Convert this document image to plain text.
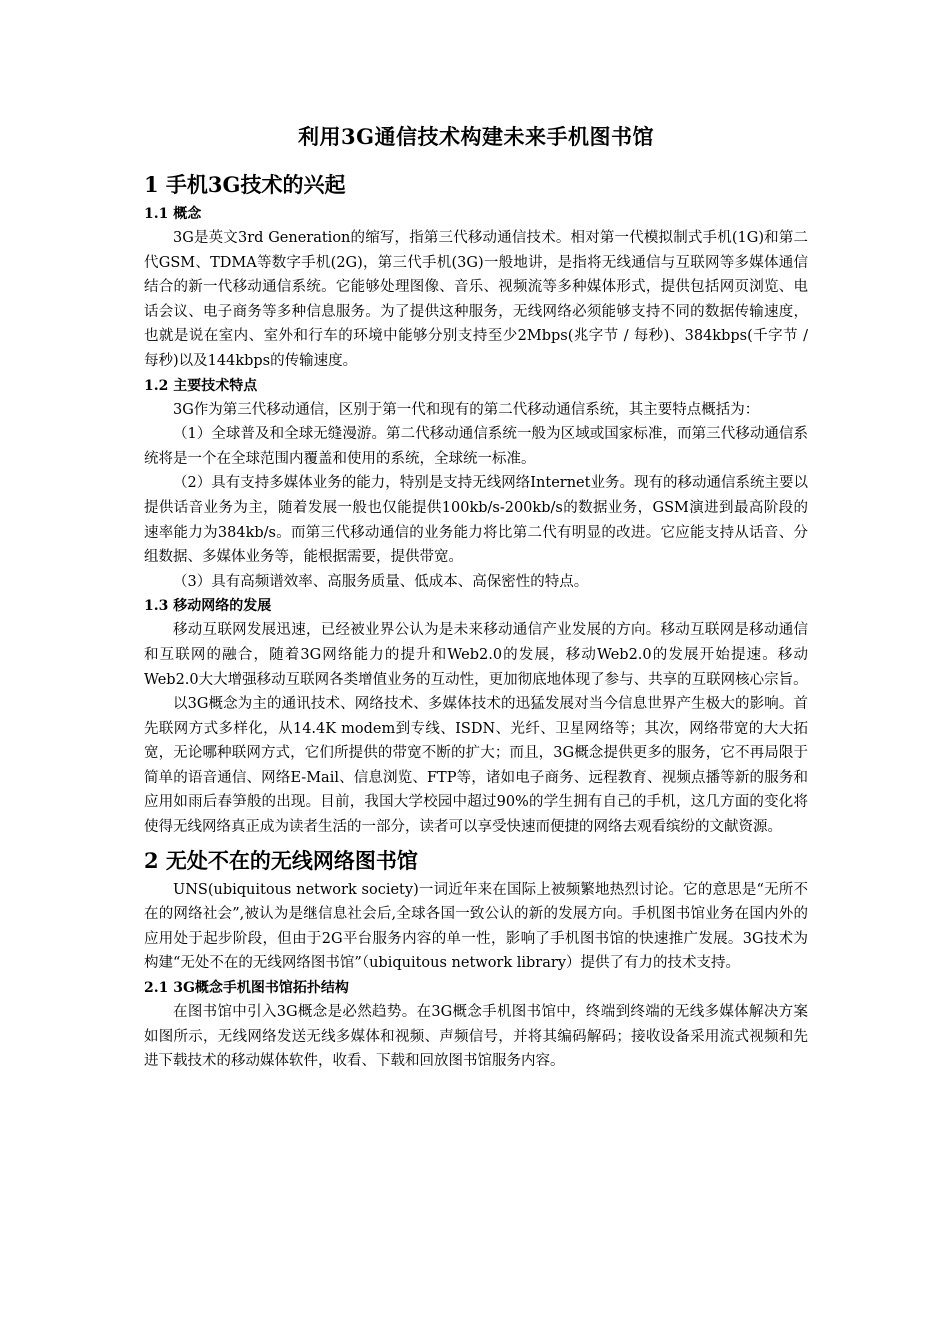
利用3G通信技术构建未来手机图书馆
1 手机3G技术的兴起
1.1 概念

3G是英文3rd Generation的缩写，指第三代移动通信技术。相对第一代模拟制式手机(1G)和第二代GSM、TDMA等数字手机(2G)，第三代手机(3G)一般地讲，是指将无线通信与互联网等多媒体通信结合的新一代移动通信系统。它能够处理图像、音乐、视频流等多种媒体形式，提供包括网页浏览、电话会议、电子商务等多种信息服务。为了提供这种服务，无线网络必须能够支持不同的数据传输速度，也就是说在室内、室外和行车的环境中能够分别支持至少2Mbps(兆字节 / 每秒)、384kbps(千字节 / 每秒)以及144kbps的传输速度。

1.2 主要技术特点

3G作为第三代移动通信，区别于第一代和现有的第二代移动通信系统，其主要特点概括为：

（1）全球普及和全球无缝漫游。第二代移动通信系统一般为区域或国家标准，而第三代移动通信系统将是一个在全球范围内覆盖和使用的系统，全球统一标准。

（2）具有支持多媒体业务的能力，特别是支持无线网络Internet业务。现有的移动通信系统主要以提供话音业务为主，随着发展一般也仅能提供100kb/s-200kb/s的数据业务，GSM演进到最高阶段的速率能力为384kb/s。而第三代移动通信的业务能力将比第二代有明显的改进。它应能支持从话音、分组数据、多媒体业务等，能根据需要，提供带宽。

（3）具有高频谱效率、高服务质量、低成本、高保密性的特点。

1.3 移动网络的发展

移动互联网发展迅速，已经被业界公认为是未来移动通信产业发展的方向。移动互联网是移动通信和互联网的融合，随着3G网络能力的提升和Web2.0的发展，移动Web2.0的发展开始提速。移动Web2.0大大增强移动互联网各类增值业务的互动性，更加彻底地体现了参与、共享的互联网核心宗旨。

以3G概念为主的通讯技术、网络技术、多媒体技术的迅猛发展对当今信息世界产生极大的影响。首先联网方式多样化，从14.4K modem到专线、ISDN、光纤、卫星网络等；其次，网络带宽的大大拓宽，无论哪种联网方式，它们所提供的带宽不断的扩大；而且，3G概念提供更多的服务，它不再局限于简单的语音通信、网络E-Mail、信息浏览、FTP等，诸如电子商务、远程教育、视频点播等新的服务和应用如雨后春笋般的出现。目前，我国大学校园中超过90%的学生拥有自己的手机，这几方面的变化将使得无线网络真正成为读者生活的一部分，读者可以享受快速而便捷的网络去观看缤纷的文献资源。

2 无处不在的无线网络图书馆

UNS(ubiquitous network society)一词近年来在国际上被频繁地热烈讨论。它的意思是“无所不在的网络社会”,被认为是继信息社会后,全球各国一致公认的新的发展方向。手机图书馆业务在国内外的应用处于起步阶段，但由于2G平台服务内容的单一性，影响了手机图书馆的快速推广发展。3G技术为构建“无处不在的无线网络图书馆”（ubiquitous network library）提供了有力的技术支持。

2.1 3G概念手机图书馆拓扑结构

在图书馆中引入3G概念是必然趋势。在3G概念手机图书馆中，终端到终端的无线多媒体解决方案如图所示，无线网络发送无线多媒体和视频、声频信号，并将其编码解码；接收设备采用流式视频和先进下载技术的移动媒体软件，收看、下载和回放图书馆服务内容。
